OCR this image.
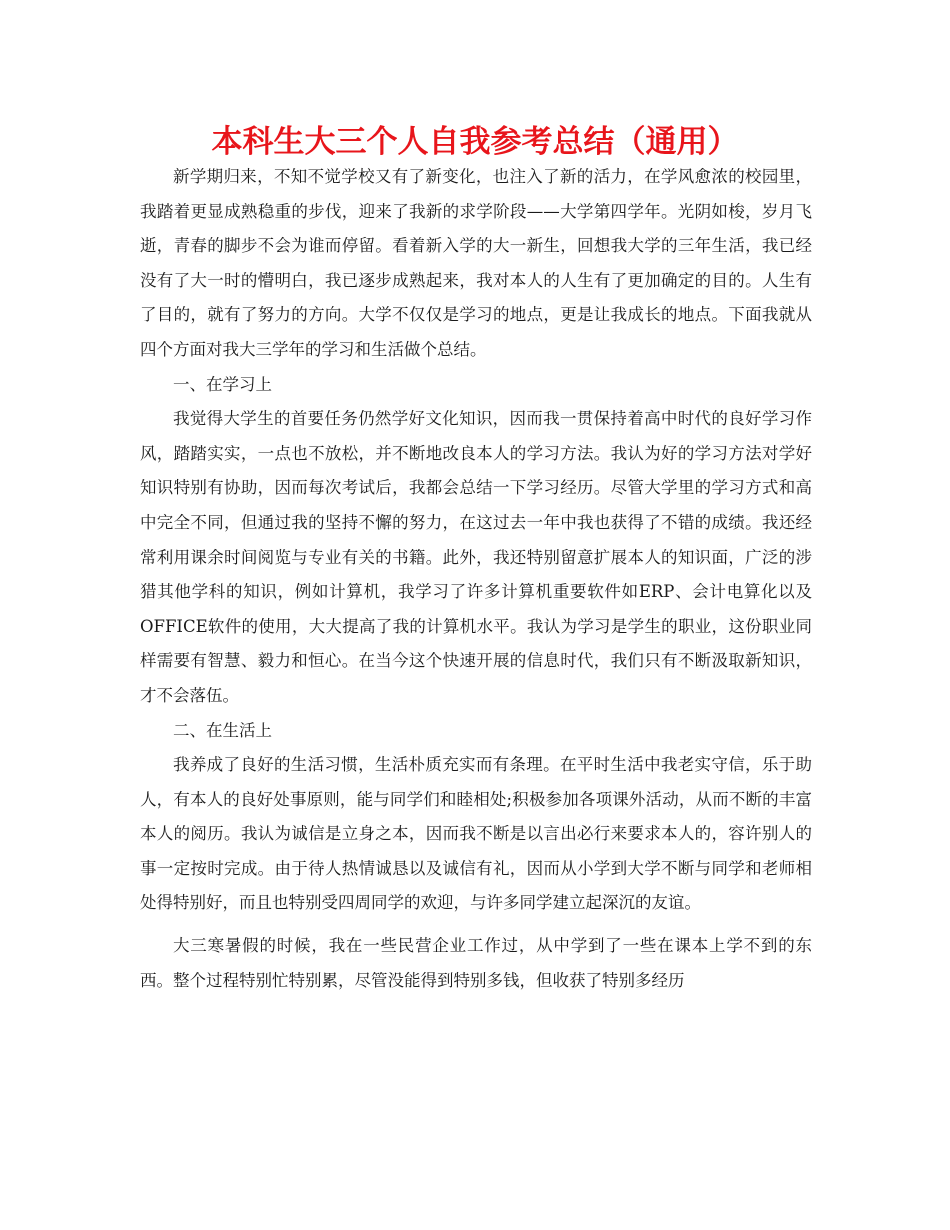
本科生大三个人自我参考总结（通用）

新学期归来，不知不觉学校又有了新变化，也注入了新的活力，在学风愈浓的校园里，我踏着更显成熟稳重的步伐，迎来了我新的求学阶段——大学第四学年。光阴如梭，岁月飞逝，青春的脚步不会为谁而停留。看着新入学的大一新生，回想我大学的三年生活，我已经没有了大一时的懵明白，我已逐步成熟起来，我对本人的人生有了更加确定的目的。人生有了目的，就有了努力的方向。大学不仅仅是学习的地点，更是让我成长的地点。下面我就从四个方面对我大三学年的学习和生活做个总结。

一、在学习上

我觉得大学生的首要任务仍然学好文化知识，因而我一贯保持着高中时代的良好学习作风，踏踏实实，一点也不放松，并不断地改良本人的学习方法。我认为好的学习方法对学好知识特别有协助，因而每次考试后，我都会总结一下学习经历。尽管大学里的学习方式和高中完全不同，但通过我的坚持不懈的努力，在这过去一年中我也获得了不错的成绩。我还经常利用课余时间阅览与专业有关的书籍。此外，我还特别留意扩展本人的知识面，广泛的涉猎其他学科的知识，例如计算机，我学习了许多计算机重要软件如ERP、会计电算化以及OFFICE软件的使用，大大提高了我的计算机水平。我认为学习是学生的职业，这份职业同样需要有智慧、毅力和恒心。在当今这个快速开展的信息时代，我们只有不断汲取新知识，才不会落伍。

二、在生活上

我养成了良好的生活习惯，生活朴质充实而有条理。在平时生活中我老实守信，乐于助人，有本人的良好处事原则，能与同学们和睦相处;积极参加各项课外活动，从而不断的丰富本人的阅历。我认为诚信是立身之本，因而我不断是以言出必行来要求本人的，容许别人的事一定按时完成。由于待人热情诚恳以及诚信有礼，因而从小学到大学不断与同学和老师相处得特别好，而且也特别受四周同学的欢迎，与许多同学建立起深沉的友谊。

大三寒暑假的时候，我在一些民营企业工作过，从中学到了一些在课本上学不到的东西。整个过程特别忙特别累，尽管没能得到特别多钱，但收获了特别多经历
